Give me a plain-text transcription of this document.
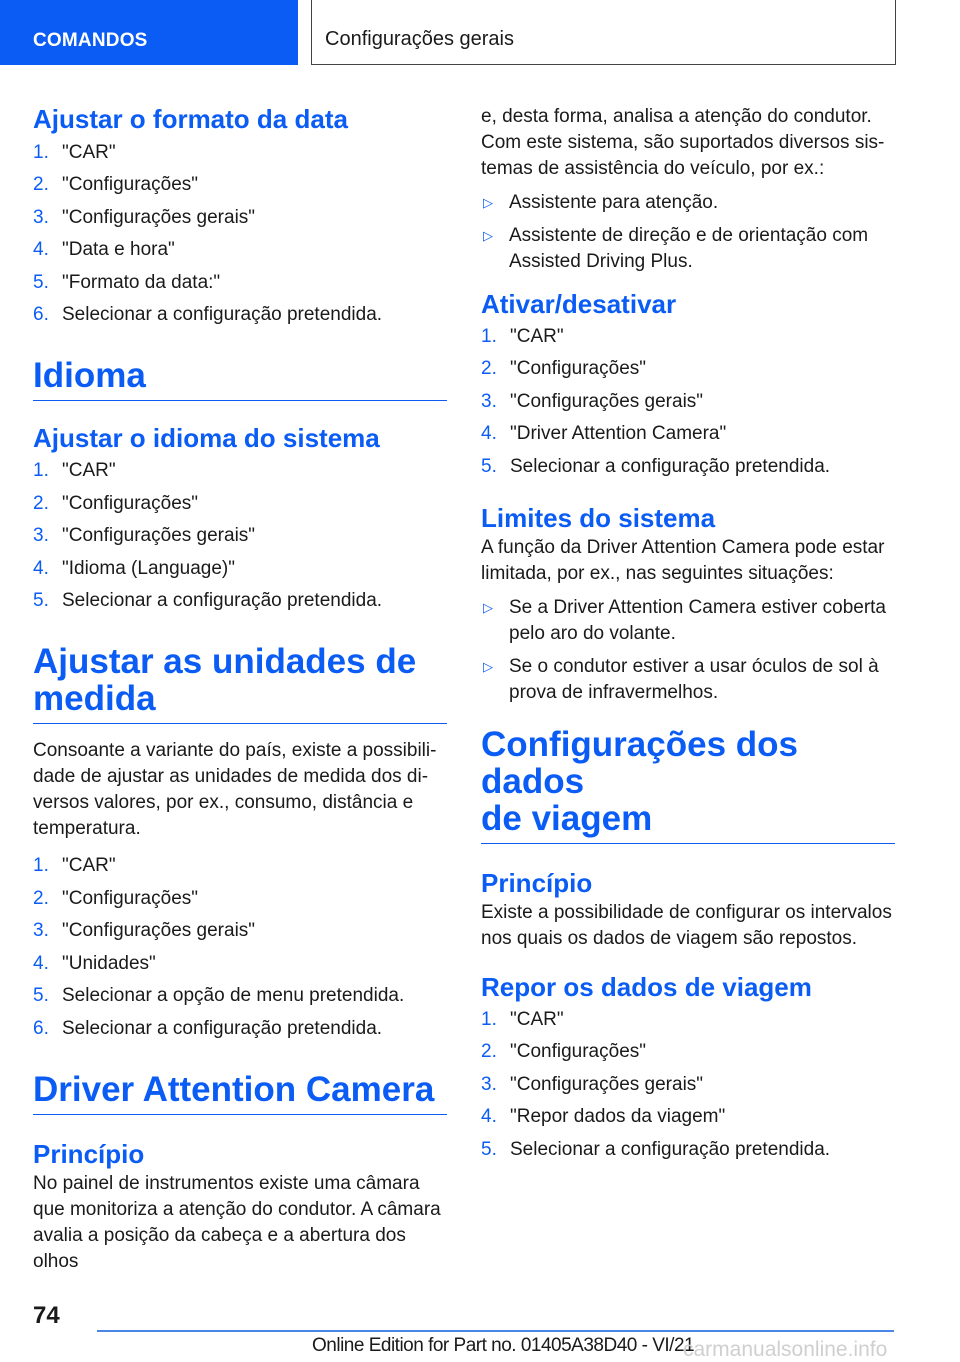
COMANDOS	Configurações gerais
Ajustar o formato da data
1. "CAR"
2. "Configurações"
3. "Configurações gerais"
4. "Data e hora"
5. "Formato da data:"
6. Selecionar a configuração pretendida.
Idioma
Ajustar o idioma do sistema
1. "CAR"
2. "Configurações"
3. "Configurações gerais"
4. "Idioma (Language)"
5. Selecionar a configuração pretendida.
Ajustar as unidades de
medida

Consoante a variante do país, existe a possibili-
dade de ajustar as unidades de medida dos di-
versos valores, por ex., consumo, distância e
temperatura.

1. "CAR"
2. "Configurações"
3. "Configurações gerais"
4. "Unidades"
5. Selecionar a opção de menu pretendida.
6. Selecionar a configuração pretendida.
Driver Attention Camera
Princípio

No painel de instrumentos existe uma câmara
que monitoriza a atenção do condutor. A câmara
avalia a posição da cabeça e a abertura dos olhos

e, desta forma, analisa a atenção do condutor.
Com este sistema, são suportados diversos sis-
temas de assistência do veículo, por ex.:

▷ Assistente para atenção.
▷ Assistente de direção e de orientação com
Assisted Driving Plus.
Ativar/desativar
1. "CAR"
2. "Configurações"
3. "Configurações gerais"
4. "Driver Attention Camera"
5. Selecionar a configuração pretendida.
Limites do sistema

A função da Driver Attention Camera pode estar
limitada, por ex., nas seguintes situações:

▷ Se a Driver Attention Camera estiver coberta
pelo aro do volante.
▷ Se o condutor estiver a usar óculos de sol à
prova de infravermelhos.
Configurações dos dados
de viagem
Princípio

Existe a possibilidade de configurar os intervalos
nos quais os dados de viagem são repostos.

Repor os dados de viagem
1. "CAR"
2. "Configurações"
3. "Configurações gerais"
4. "Repor dados da viagem"
5. Selecionar a configuração pretendida.
74
Online Edition for Part no. 01405A38D40 - VI/21
carmanualsonline.info
